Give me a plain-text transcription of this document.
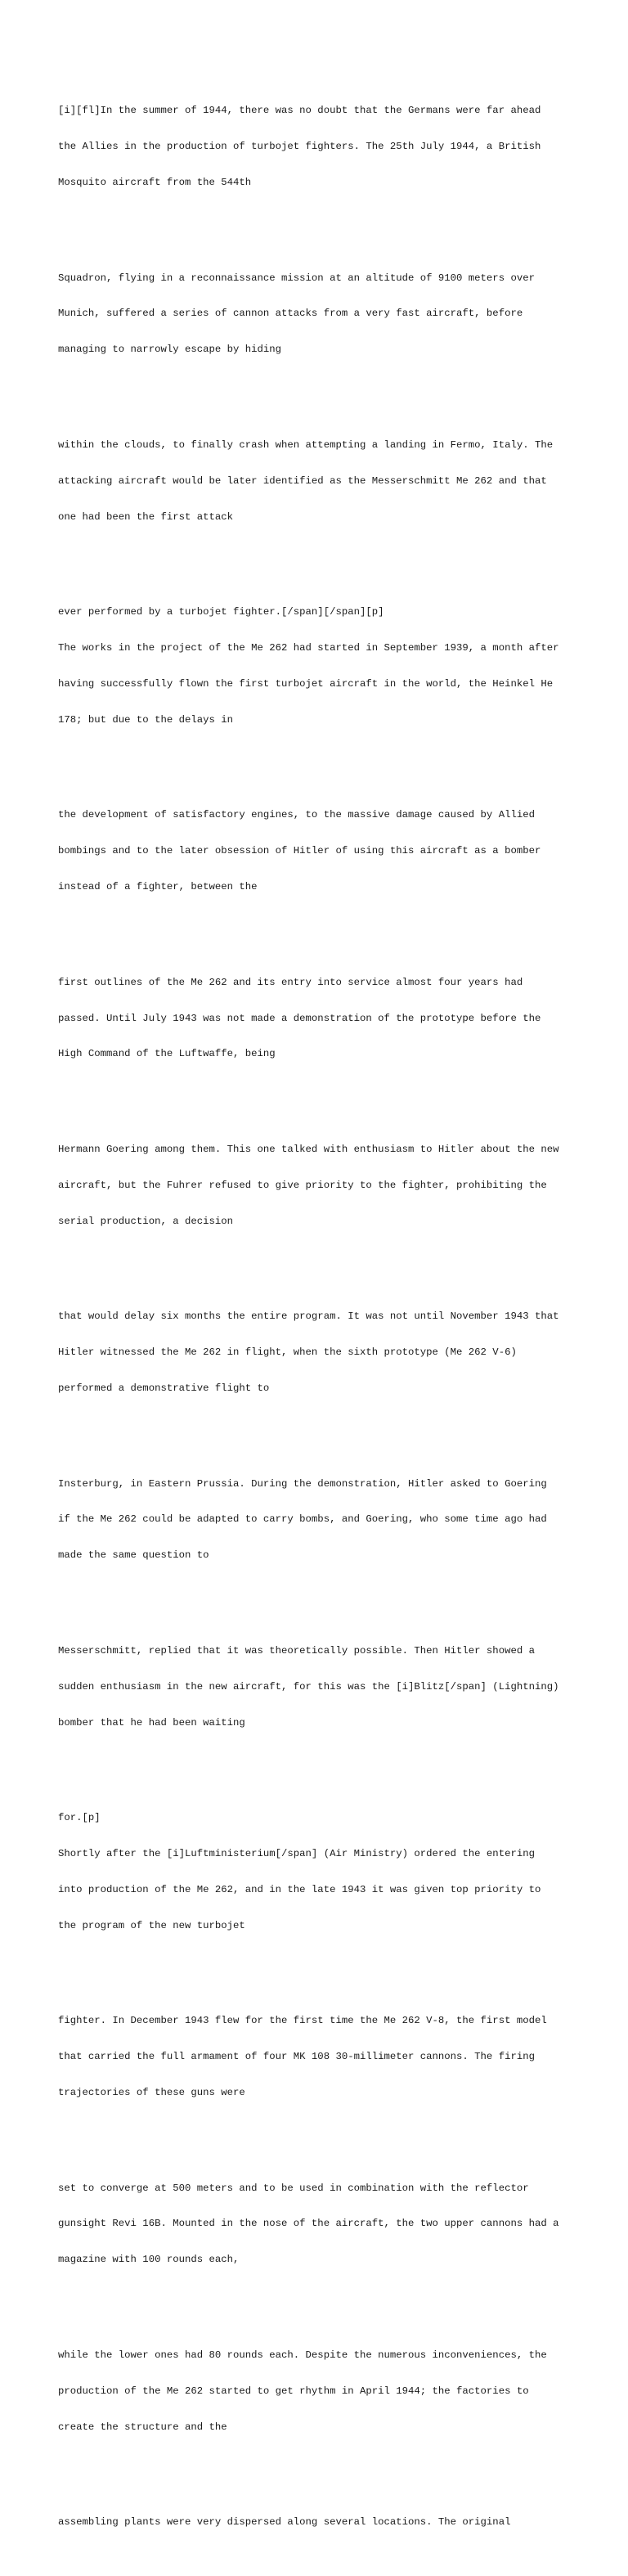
[i][fl]In the summer of 1944, there was no doubt that the Germans were far ahead

the Allies in the production of turbojet fighters. The 25th July 1944, a British

Mosquito aircraft from the 544th

Squadron, flying in a reconnaissance mission at an altitude of 9100 meters over

Munich, suffered a series of cannon attacks from a very fast aircraft, before

managing to narrowly escape by hiding

within the clouds, to finally crash when attempting a landing in Fermo, Italy. The

attacking aircraft would be later identified as the Messerschmitt Me 262 and that

one had been the first attack

ever performed by a turbojet fighter.[/span][/span][p]

The works in the project of the Me 262 had started in September 1939, a month after

having successfully flown the first turbojet aircraft in the world, the Heinkel He

178; but due to the delays in

the development of satisfactory engines, to the massive damage caused by Allied

bombings and to the later obsession of Hitler of using this aircraft as a bomber

instead of a fighter, between the

first outlines of the Me 262 and its entry into service almost four years had

passed. Until July 1943 was not made a demonstration of the prototype before the

High Command of the Luftwaffe, being

Hermann Goering among them. This one talked with enthusiasm to Hitler about the new

aircraft, but the Fuhrer refused to give priority to the fighter, prohibiting the

serial production, a decision

that would delay six months the entire program. It was not until November 1943 that

Hitler witnessed the Me 262 in flight, when the sixth prototype (Me 262 V-6)

performed a demonstrative flight to

Insterburg, in Eastern Prussia. During the demonstration, Hitler asked to Goering

if the Me 262 could be adapted to carry bombs, and Goering, who some time ago had

made the same question to

Messerschmitt, replied that it was theoretically possible. Then Hitler showed a

sudden enthusiasm in the new aircraft, for this was the [i]Blitz[/span] (Lightning)

bomber that he had been waiting

for.[p]

Shortly after the [i]Luftministerium[/span] (Air Ministry) ordered the entering

into production of the Me 262, and in the late 1943 it was given top priority to

the program of the new turbojet

fighter. In December 1943 flew for the first time the Me 262 V-8, the first model

that carried the full armament of four MK 108 30-millimeter cannons. The firing

trajectories of these guns were

set to converge at 500 meters and to be used in combination with the reflector

gunsight Revi 16B. Mounted in the nose of the aircraft, the two upper cannons had a

magazine with 100 rounds each,

while the lower ones had 80 rounds each. Despite the numerous inconveniences, the

production of the Me 262 started to get rhythm in April 1944; the factories to

create the structure and the

assembling plants were very dispersed along several locations. The original
